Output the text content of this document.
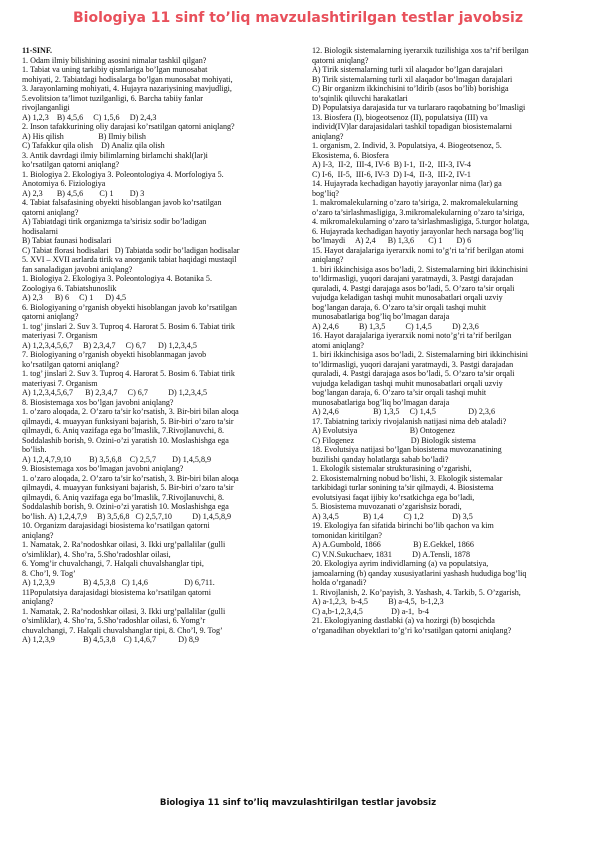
Biologiya 11 sinf to’liq mavzulashtirilgan testlar javobsiz
11-SINF.
1. Odam ilmiy bilishining asosini nimalar tashkil qilgan?
1. Tabiat va uning tarkibiy qismlariga bo’lgan munosabat
mohiyati, 2. Tabiatdagi hodisalarga bo’lgan munosabat mohiyati,
3. Jarayonlarning mohiyati, 4. Hujayra nazariysining mavjudligi,
5.evolitsion ta’limot tuzilganligi, 6. Barcha tabiiy fanlar
rivojlanganligi
A) 1,2,3    B) 4,5,6     C) 1,5,6     D) 2,4,3
2. Inson tafakkurining oliy darajasi ko’rsatilgan qatorni aniqlang?
A) His qilish                 B) Ilmiy bilish
C) Tafakkur qila olish    D) Analiz qila olish
3. Antik davrdagi ilmiy bilimlarning birlamchi shakl(lar)i
ko’rsatilgan qatorni aniqlang?
1. Biologiya 2. Ekologiya 3. Poleontologiya 4. Morfologiya 5.
Anotomiya 6. Fiziologiya
A) 2,3       B) 4,5,6        C) 1        D) 3
4. Tabiat falsafasining obyekti hisoblangan javob ko’rsatilgan
qatorni aniqlang?
A) Tabiatdagi tirik organizmga ta’sirisiz sodir bo’ladigan
hodisalarni
B) Tabiat faunasi hodisalari
C) Tabiat florasi hodisalari   D) Tabiatda sodir bo’ladigan hodisalar
5. XVI – XVII asrlarda tirik va anorganik tabiat haqidagi mustaqil
fan sanaladigan javobni aniqlang?
1. Biologiya 2. Ekologiya 3. Poleontologiya 4. Botanika 5.
Zoologiya 6. Tabiatshunoslik
A) 2,3      B) 6     C) 1      D) 4,5
6. Biologiyaning o’rganish obyekti hisoblangan javob ko’rsatilgan
qatorni aniqlang?
1. tog’ jinslari 2. Suv 3. Tuproq 4. Harorat 5. Bosim 6. Tabiat tirik
materiyasi 7. Organism
A) 1,2,3,4,5,6,7     B) 2,3,4,7     C) 6,7      D) 1,2,3,4,5
7. Biologiyaning o’rganish obyekti hisoblanmagan javob
ko’rsatilgan qatorni aniqlang?
1. tog’ jinslari 2. Suv 3. Tuproq 4. Harorat 5. Bosim 6. Tabiat tirik
materiyasi 7. Organism
A) 1,2,3,4,5,6,7      B) 2,3,4,7     C) 6,7          D) 1,2,3,4,5
8. Biosistemaga xos bo’lgan javobni aniqlang?
1. o’zaro aloqada, 2. O’zaro ta’sir ko’rsatish, 3. Bir-biri bilan aloqa
qilmaydi, 4. muayyan funksiyani bajarish, 5. Bir-biri o’zaro ta’sir
qilmaydi, 6. Aniq vazifaga ega bo’lmaslik, 7.Rivojlanuvchi, 8.
Soddalashib borish, 9. Ozini-o’zi yaratish 10. Moslashishga ega
bo’lish.
A) 1,2,4,7,9,10         B) 3,5,6,8    C) 2,5,7        D) 1,4,5,8,9
9. Biosistemaga xos bo’lmagan javobni aniqlang?
1. o’zaro aloqada, 2. O’zaro ta’sir ko’rsatish, 3. Bir-biri bilan aloqa
qilmaydi, 4. muayyan funksiyani bajarish, 5. Bir-biri o’zaro ta’sir
qilmaydi, 6. Aniq vazifaga ega bo’lmaslik, 7.Rivojlanuvchi, 8.
Soddalashib borish, 9. Ozini-o’zi yaratish 10. Moslashishga ega
bo’lish. A) 1,2,4,7,9     B) 3,5,6,8   C) 2,5,7,10          D) 1,4,5,8,9
10. Organizm darajasidagi biosistema ko’rsatilgan qatorni
aniqlang?
1. Namatak, 2. Ra’nodoshkar oilasi, 3. Ikki urg’pallalilar (gulli
o’simliklar), 4. Sho’ra, 5.Sho’radoshlar oilasi,
6. Yomg’ir chuvalchangi, 7. Halqali chuvalshanglar tipi,
8. Cho’l, 9. Tog’
A) 1,2,3,9              B) 4,5,3,8   C) 1,4,6                  D) 6,711.
11Populatsiya darajasidagi biosistema ko’rsatilgan qatorni
aniqlang?
1. Namatak, 2. Ra’nodoshkar oilasi, 3. Ikki urg’pallalilar (gulli
o’simliklar), 4. Sho’ra, 5.Sho’radoshlar oilasi, 6. Yomg’r
chuvalchangi, 7. Halqali chuvalshanglar tipi, 8. Cho’l, 9. Tog’
A) 1,2,3,9              B) 4,5,3,8    C) 1,4,6,7           D) 8,9
12. Biologik sistemalarning iyerarxik tuzilishiga xos ta’rif berilgan
qatorni aniqlang?
A) Tirik sistemalarning turli xil alaqador bo’lgan darajalari
B) Tirik sistemalarning turli xil alaqador bo’lmagan darajalari
C) Bir organizm ikkinchisini to’ldirib (asos bo’lib) borishiga
to’sqinlik qiluvchi harakatlari
D) Populatsiya darajasida tur va turlararo raqobatning bo’lmasligi
13. Biosfera (I), biogeotsenoz (II), populatsiya (III) va
individ(IV)lar darajasidalari tashkil topadigan biosistemalarni
aniqlang?
1. organism, 2. Individ, 3. Populatsiya, 4. Biogeotsenoz, 5.
Ekosistema, 6. Biosfera
A) I-3,  II-2,  III-4, IV-6  B) I-1,  II-2,  III-3, IV-4
C) I-6,  II-5,  III-6, IV-3  D) I-4,  II-3,  III-2, IV-1
14. Hujayrada kechadigan hayotiy jarayonlar nima (lar) ga
bog’liq?
1. makromalekularning o’zaro ta’siriga, 2. makromalekularning
o’zaro ta’sirlashmasligiga, 3.mikromalekularning o’zaro ta’siriga,
4. mikromalekularning o’zaro ta’sirlashmasligiga, 5.turgor holatga,
6. Hujayrada kechadigan hayotiy jarayonlar hech narsaga bog’liq
bo’lmaydi     A) 2,4      B) 1,3,6       C) 1       D) 6
15. Hayot darajalariga iyerarxik nomi to’g’ri ta’rif berilgan atomi
aniqlang?
1. biri ikkinchisiga asos bo’ladi, 2. Sistemalarning biri ikkinchisini
to’ldirmasligi, yuqori darajani yaratmaydi, 3. Pastgi darajadan
quraladi, 4. Pastgi darajaga asos bo’ladi, 5. O’zaro ta’sir orqali
vujudga keladigan tashqi muhit munosabatlari orqali uzviy
bog’langan daraja, 6. O’zaro ta’sir orqali tashqi muhit
munosabatlariga bog’liq bo’lmagan daraja
A) 2,4,6          B) 1,3,5          C) 1,4,5          D) 2,3,6
16. Hayot darajalariga iyerarxik nomi noto’g’ri ta’rif berilgan
atomi aniqlang?
1. biri ikkinchisiga asos bo’ladi, 2. Sistemalarning biri ikkinchisini
to’ldirmasligi, yuqori darajani yaratmaydi, 3. Pastgi darajadan
quraladi, 4. Pastgi darajaga asos bo’ladi, 5. O’zaro ta’sir orqali
vujudga keladigan tashqi muhit munosabatlari orqali uzviy
bog’langan daraja, 6. O’zaro ta’sir orqali tashqi muhit
munosabatlariga bog’liq bo’lmagan daraja
A) 2,4,6                 B) 1,3,5     C) 1,4,5                D) 2,3,6
17. Tabiatning tarixiy rivojalanish natijasi nima deb ataladi?
A) Evolutsiya                          B) Ontogenez
C) Filogenez                            D) Biologik sistema
18. Evolutsiya natijasi bo’lgan biosistema muvozanatining
buzilishi qanday holatlarga sabab bo’ladi?
1. Ekologik sistemalar strukturasining o’zgarishi,
2. Ekosistemalrning nobud bo’lishi, 3. Ekologik sistemalar
tarkibidagi turlar sonining ta’sir qilmaydi, 4. Biosistema
evolutsiyasi faqat ijibiy ko’rsatkichga ega bo’ladi,
5. Biosistema muvozanati o’zgarishsiz boradi,
A) 3,4,5            B) 1,4          C) 1,2              D) 3,5
19. Ekologiya fan sifatida birinchi bo’lib qachon va kim
tomonidan kiritilgan?
A) A.Gumbold, 1866                B) E.Gekkel, 1866
C) V.N.Sukuchaev, 1831          D) A.Tensli, 1878
20. Ekologiya ayrim individlarning (a) va populatsiya,
jamoalarning (b) qanday xususiyatlarini yashash hududiga bog’liq
holda o’rganadi?
1. Rivojlanish, 2. Ko’payish, 3. Yashash, 4. Tarkib, 5. O’zgarish,
A) a-1,2,3,  b-4,5          B) a-4,5,  b-1,2,3
C) a,b-1,2,3,4,5              D) a-1,  b-4
21. Ekologiyaning dastlabki (a) va hozirgi (b) bosqichda
o’rganadihan obyektlari to’g’ri ko’rsatilgan qatorni aniqlang?
Biologiya 11 sinf to’liq mavzulashtirilgan testlar javobsiz
